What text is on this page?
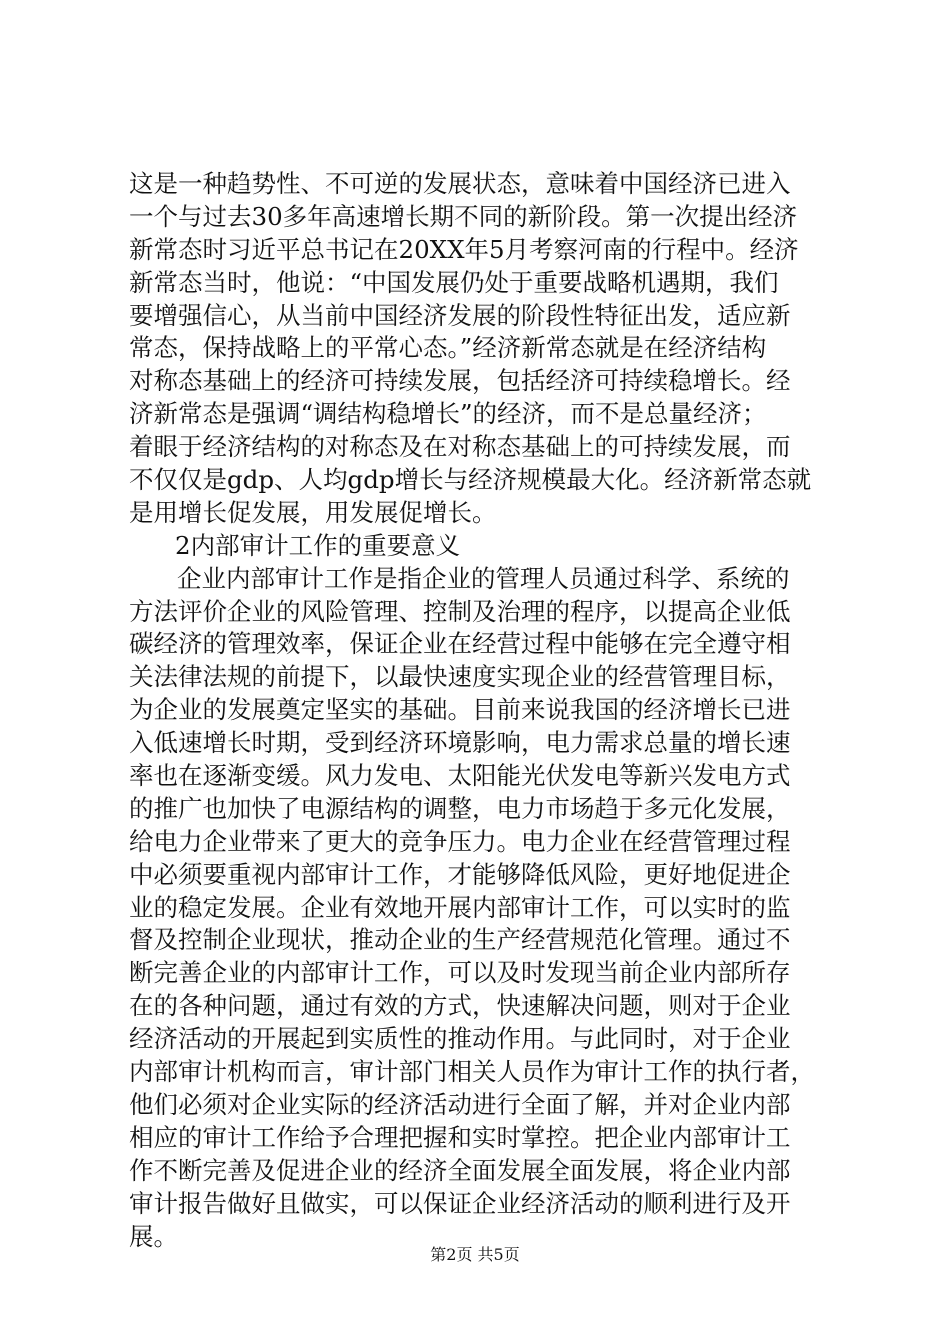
这是一种趋势性、不可逆的发展状态，意味着中国经济已进入
一个与过去30多年高速增长期不同的新阶段。第一次提出经济
新常态时习近平总书记在20XX年5月考察河南的行程中。经济
新常态当时，他说：“中国发展仍处于重要战略机遇期，我们
要增强信心，从当前中国经济发展的阶段性特征出发，适应新
常态，保持战略上的平常心态。”经济新常态就是在经济结构
对称态基础上的经济可持续发展，包括经济可持续稳增长。经
济新常态是强调“调结构稳增长”的经济，而不是总量经济；
着眼于经济结构的对称态及在对称态基础上的可持续发展，而
不仅仅是gdp、人均gdp增长与经济规模最大化。经济新常态就
是用增长促发展，用发展促增长。
2内部审计工作的重要意义
企业内部审计工作是指企业的管理人员通过科学、系统的
方法评价企业的风险管理、控制及治理的程序，以提高企业低
碳经济的管理效率，保证企业在经营过程中能够在完全遵守相
关法律法规的前提下，以最快速度实现企业的经营管理目标，
为企业的发展奠定坚实的基础。目前来说我国的经济增长已进
入低速增长时期，受到经济环境影响，电力需求总量的增长速
率也在逐渐变缓。风力发电、太阳能光伏发电等新兴发电方式
的推广也加快了电源结构的调整，电力市场趋于多元化发展，
给电力企业带来了更大的竞争压力。电力企业在经营管理过程
中必须要重视内部审计工作，才能够降低风险，更好地促进企
业的稳定发展。企业有效地开展内部审计工作，可以实时的监
督及控制企业现状，推动企业的生产经营规范化管理。通过不
断完善企业的内部审计工作，可以及时发现当前企业内部所存
在的各种问题，通过有效的方式，快速解决问题，则对于企业
经济活动的开展起到实质性的推动作用。与此同时，对于企业
内部审计机构而言，审计部门相关人员作为审计工作的执行者，
他们必须对企业实际的经济活动进行全面了解，并对企业内部
相应的审计工作给予合理把握和实时掌控。把企业内部审计工
作不断完善及促进企业的经济全面发展全面发展，将企业内部
审计报告做好且做实，可以保证企业经济活动的顺利进行及开
展。
第2页 共5页
